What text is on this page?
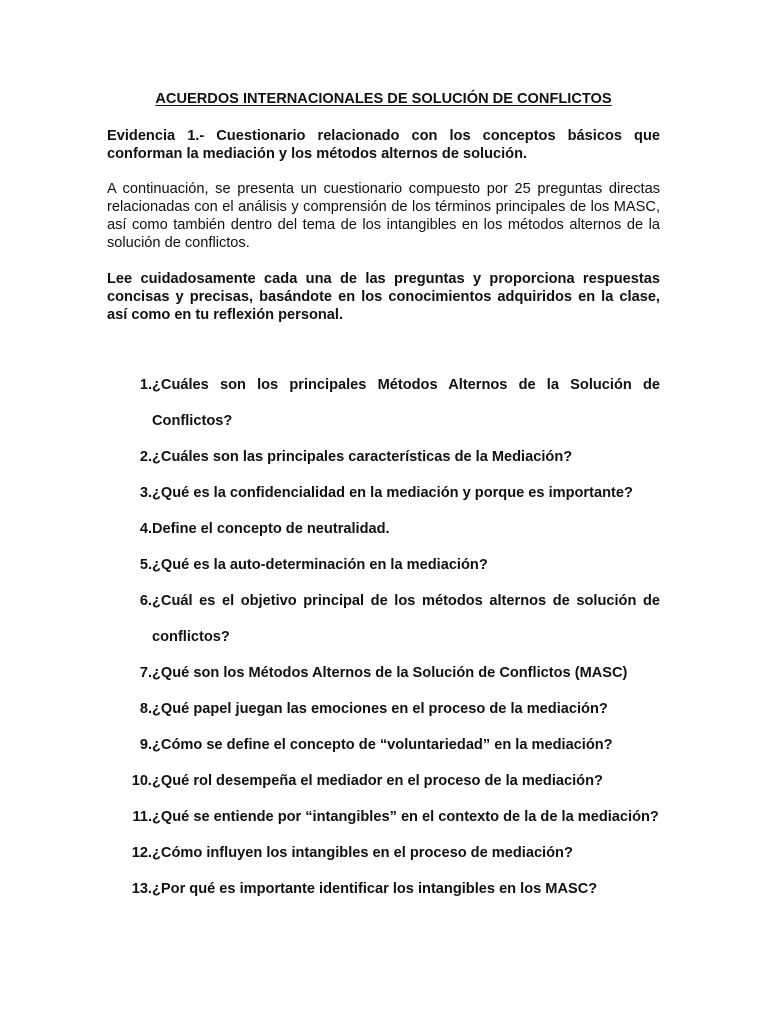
ACUERDOS INTERNACIONALES DE SOLUCIÓN DE CONFLICTOS
Evidencia 1.- Cuestionario relacionado con los conceptos básicos que conforman la mediación y los métodos alternos de solución.
A continuación, se presenta un cuestionario compuesto por 25 preguntas directas relacionadas con el análisis y comprensión de los términos principales de los MASC, así como también dentro del tema de los intangibles en los métodos alternos de la solución de conflictos.
Lee cuidadosamente cada una de las preguntas y proporciona respuestas concisas y precisas, basándote en los conocimientos adquiridos en la clase, así como en tu reflexión personal.
1. ¿Cuáles son los principales Métodos Alternos de la Solución de Conflictos?
2. ¿Cuáles son las principales características de la Mediación?
3. ¿Qué es la confidencialidad en la mediación y porque es importante?
4. Define el concepto de neutralidad.
5. ¿Qué es la auto-determinación en la mediación?
6. ¿Cuál es el objetivo principal de los métodos alternos de solución de conflictos?
7. ¿Qué son los Métodos Alternos de la Solución de Conflictos (MASC)
8. ¿Qué papel juegan las emociones en el proceso de la mediación?
9. ¿Cómo se define el concepto de “voluntariedad” en la mediación?
10. ¿Qué rol desempeña el mediador en el proceso de la mediación?
11. ¿Qué se entiende por “intangibles” en el contexto de la de la mediación?
12. ¿Cómo influyen los intangibles en el proceso de mediación?
13. ¿Por qué es importante identificar los intangibles en los MASC?
